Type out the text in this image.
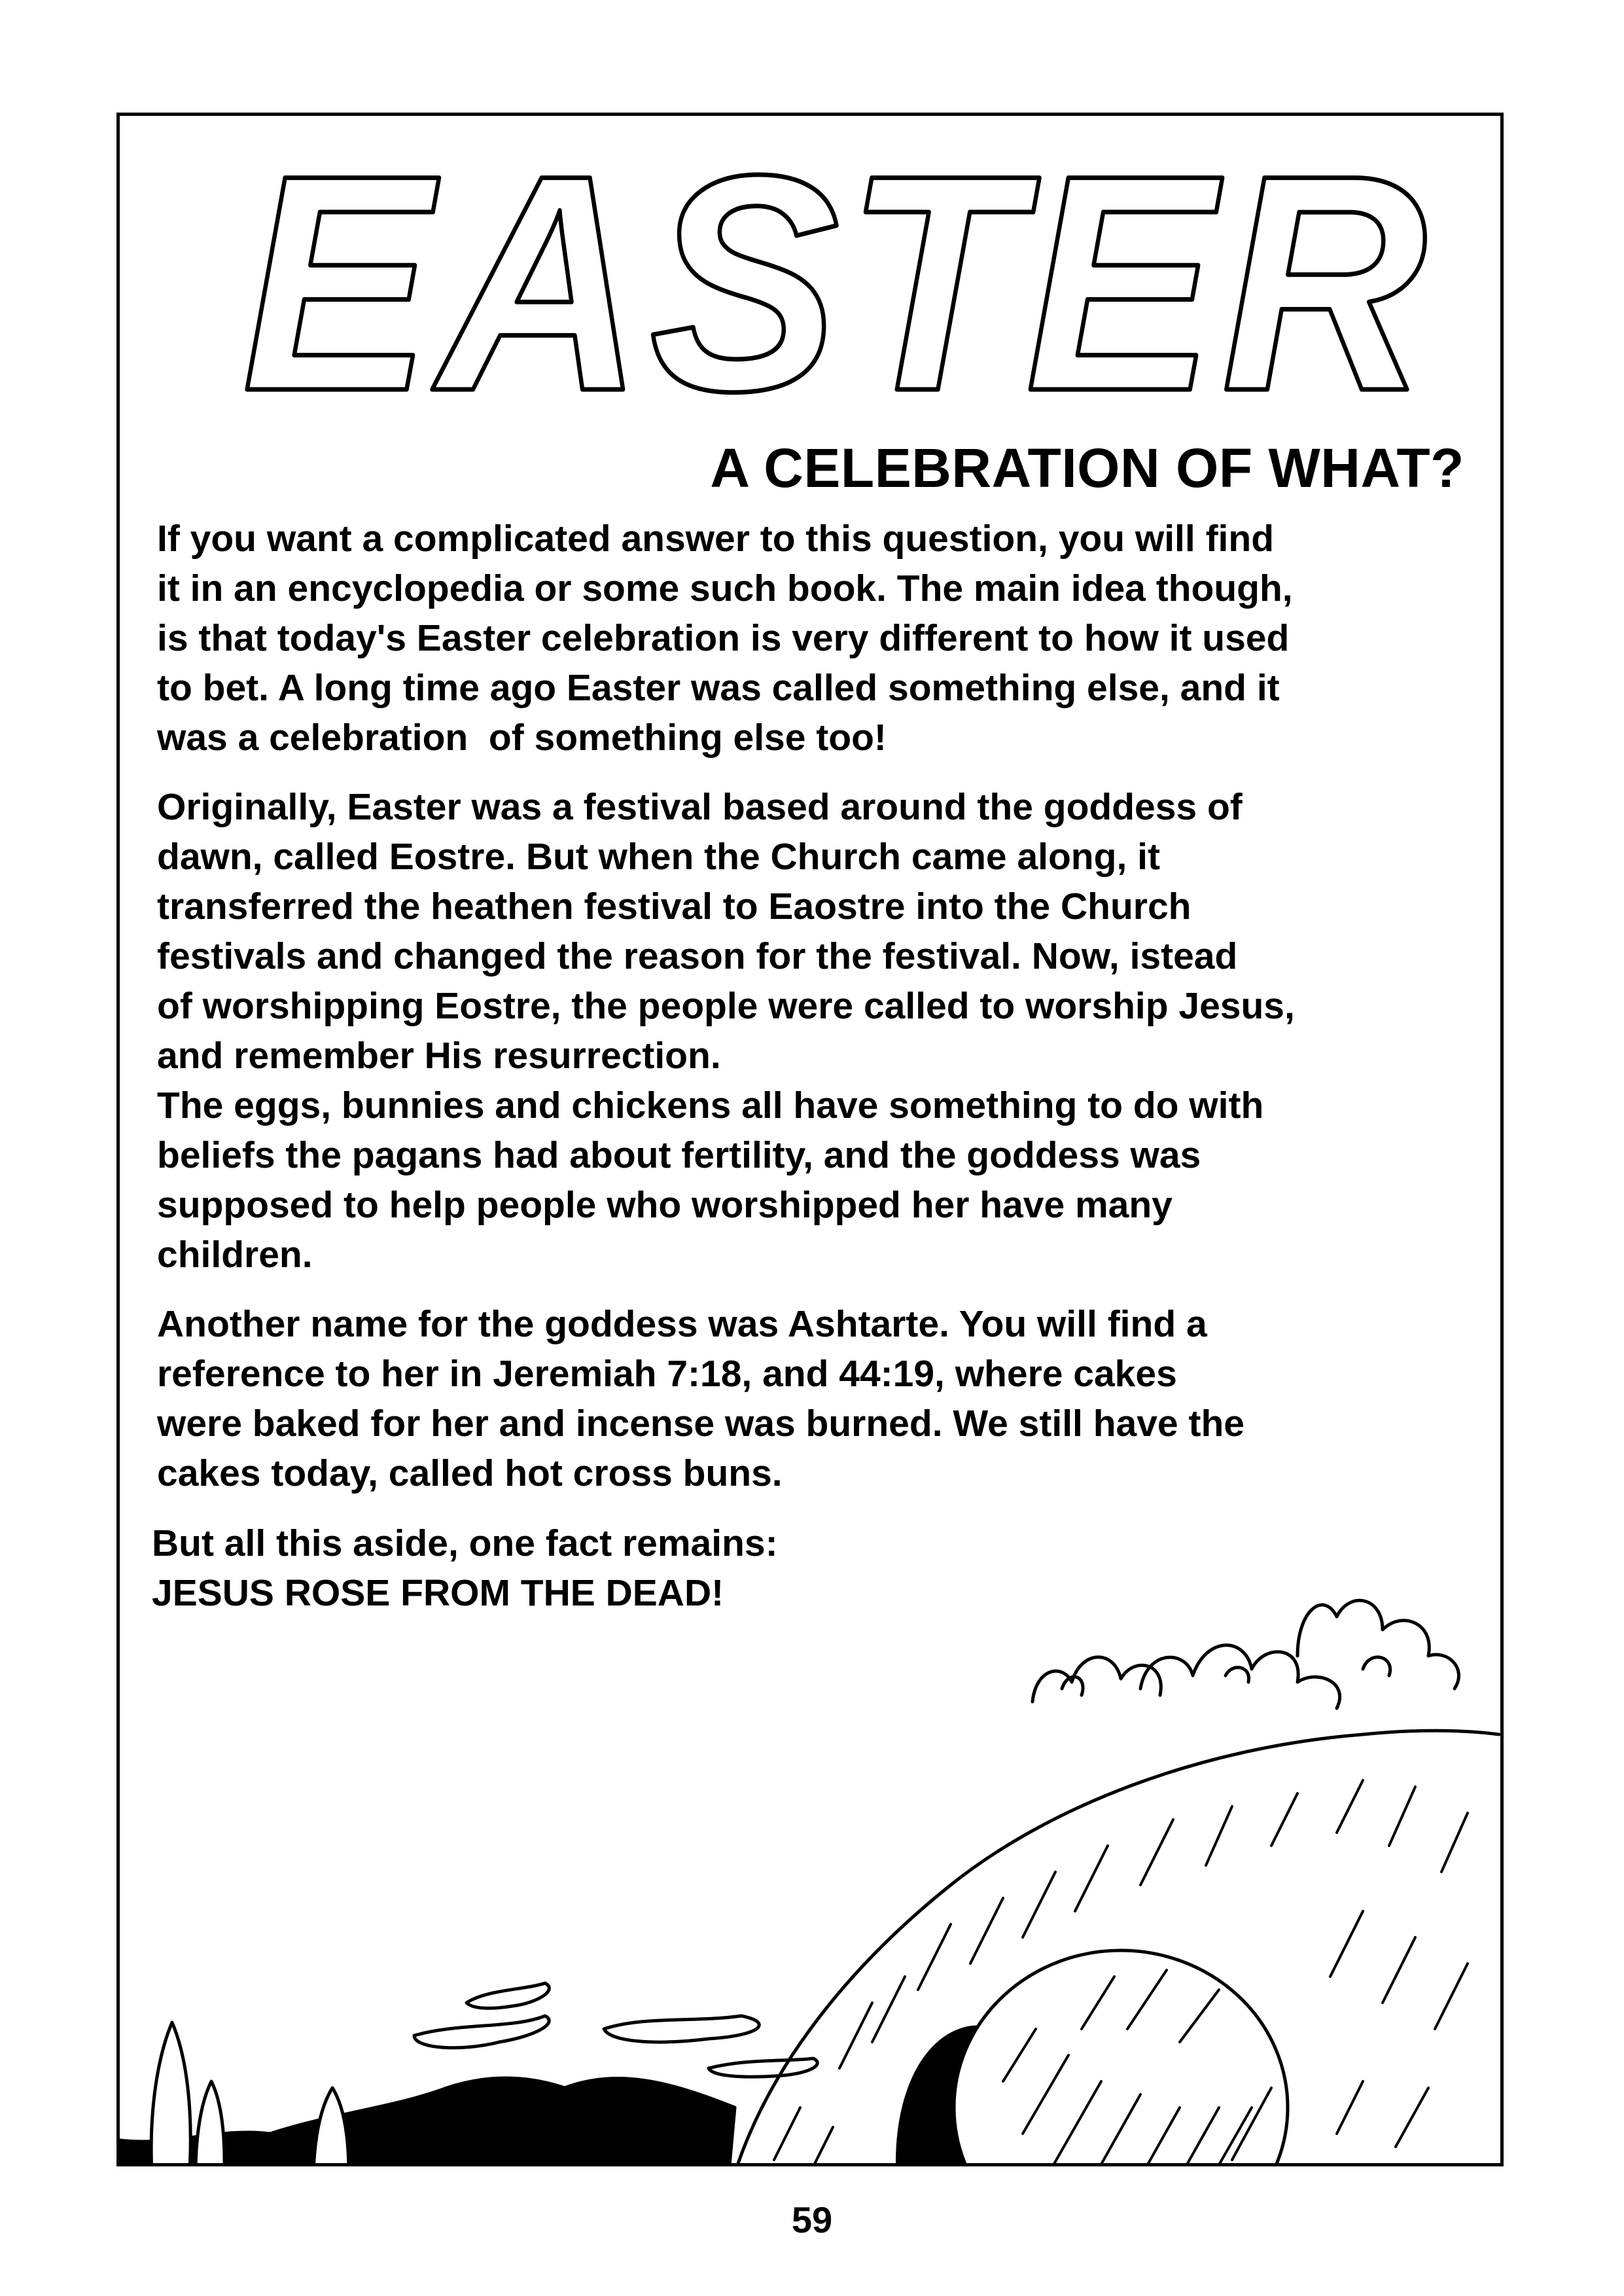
EASTER
A CELEBRATION OF WHAT?
If you want a complicated answer to this question, you will find
it in an encyclopedia or some such book. The main idea though,
is that today's Easter celebration is very different to how it used
to bet. A long time ago Easter was called something else, and it
was a celebration  of something else too!
Originally, Easter was a festival based around the goddess of
dawn, called Eostre. But when the Church came along, it
transferred the heathen festival to Eaostre into the Church
festivals and changed the reason for the festival. Now, istead
of worshipping Eostre, the people were called to worship Jesus,
and remember His resurrection.
The eggs, bunnies and chickens all have something to do with
beliefs the pagans had about fertility, and the goddess was
supposed to help people who worshipped her have many
children.
Another name for the goddess was Ashtarte. You will find a
reference to her in Jeremiah 7:18, and 44:19, where cakes
were baked for her and incense was burned. We still have the
cakes today, called hot cross buns.
But all this aside, one fact remains:
JESUS ROSE FROM THE DEAD!
59
